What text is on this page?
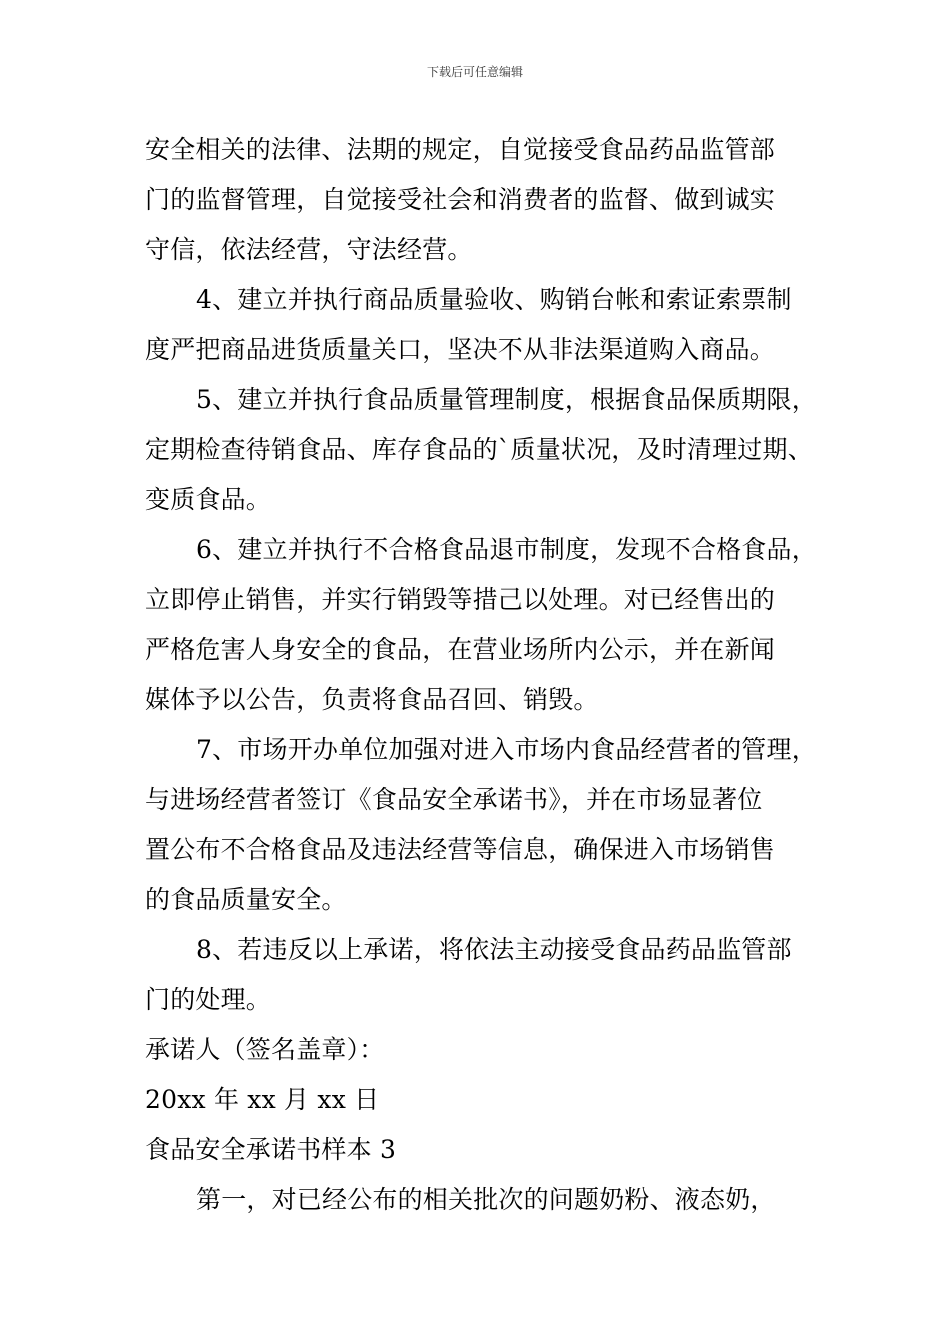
下载后可任意编辑
安全相关的法律、法期的规定，自觉接受食品药品监管部
门的监督管理，自觉接受社会和消费者的监督、做到诚实
守信，依法经营，守法经营。
4、建立并执行商品质量验收、购销台帐和索证索票制
度严把商品进货质量关口，坚决不从非法渠道购入商品。
5、建立并执行食品质量管理制度，根据食品保质期限，
定期检查待销食品、库存食品的`质量状况，及时清理过期、
变质食品。
6、建立并执行不合格食品退市制度，发现不合格食品，
立即停止销售，并实行销毁等措己以处理。对已经售出的
严格危害人身安全的食品，在营业场所内公示，并在新闻
媒体予以公告，负责将食品召回、销毁。
7、市场开办单位加强对进入市场内食品经营者的管理，
与进场经营者签订《食品安全承诺书》，并在市场显著位
置公布不合格食品及违法经营等信息，确保进入市场销售
的食品质量安全。
8、若违反以上承诺，将依法主动接受食品药品监管部
门的处理。
承诺人（签名盖章）：
20xx 年 xx 月 xx 日
食品安全承诺书样本 3
第一，对已经公布的相关批次的问题奶粉、液态奶，
